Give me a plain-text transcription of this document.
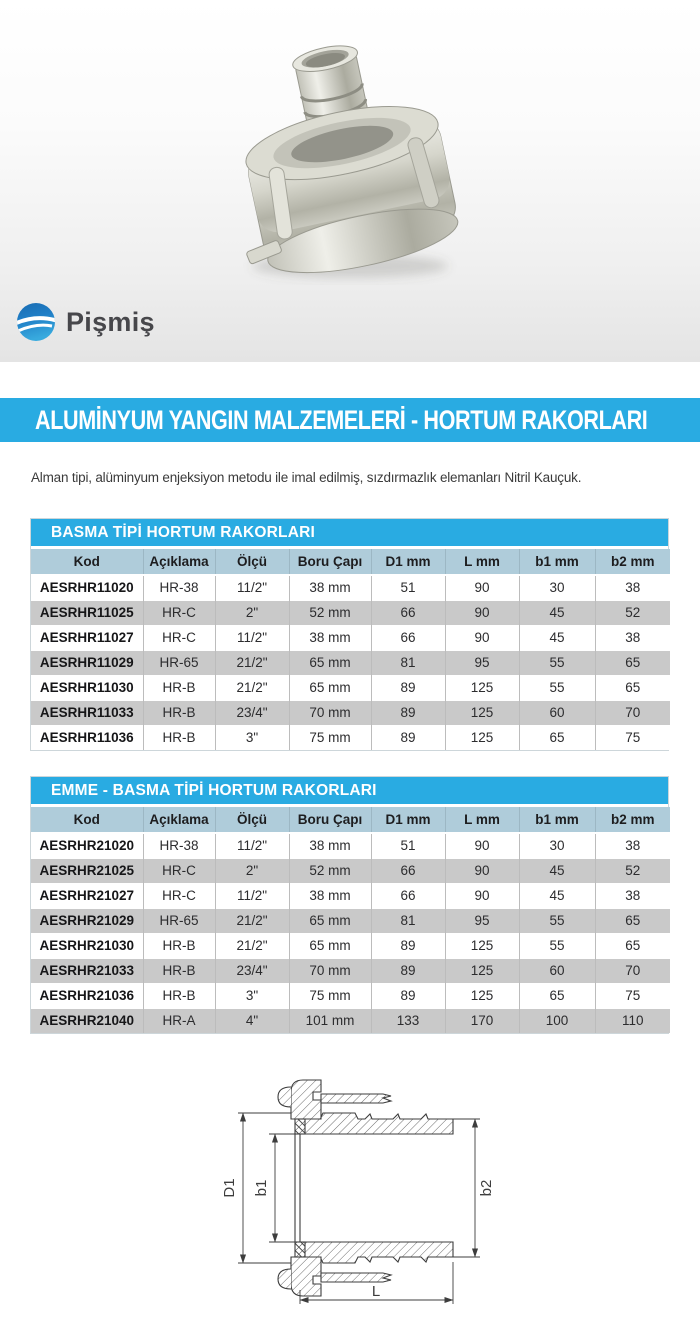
Pişmiş
ALUMİNYUM YANGIN MALZEMELERİ - HORTUM RAKORLARI

Alman tipi, alüminyum enjeksiyon metodu ile imal edilmiş, sızdırmazlık elemanları Nitril Kauçuk.

BASMA TİPİ HORTUM RAKORLARI
Kod	Açıklama	Ölçü	Boru Çapı	D1 mm	L mm	b1 mm	b2 mm
AESRHR11020	HR-38	11/2"	38 mm	51	90	30	38
AESRHR11025	HR-C	2"	52 mm	66	90	45	52
AESRHR11027	HR-C	11/2"	38 mm	66	90	45	38
AESRHR11029	HR-65	21/2"	65 mm	81	95	55	65
AESRHR11030	HR-B	21/2"	65 mm	89	125	55	65
AESRHR11033	HR-B	23/4"	70 mm	89	125	60	70
AESRHR11036	HR-B	3"	75 mm	89	125	65	75
EMME - BASMA TİPİ HORTUM RAKORLARI
Kod	Açıklama	Ölçü	Boru Çapı	D1 mm	L mm	b1 mm	b2 mm
AESRHR21020	HR-38	11/2"	38 mm	51	90	30	38
AESRHR21025	HR-C	2"	52 mm	66	90	45	52
AESRHR21027	HR-C	11/2"	38 mm	66	90	45	38
AESRHR21029	HR-65	21/2"	65 mm	81	95	55	65
AESRHR21030	HR-B	21/2"	65 mm	89	125	55	65
AESRHR21033	HR-B	23/4"	70 mm	89	125	60	70
AESRHR21036	HR-B	3"	75 mm	89	125	65	75
AESRHR21040	HR-A	4"	101 mm	133	170	100	110
D1 b1	b2
L
